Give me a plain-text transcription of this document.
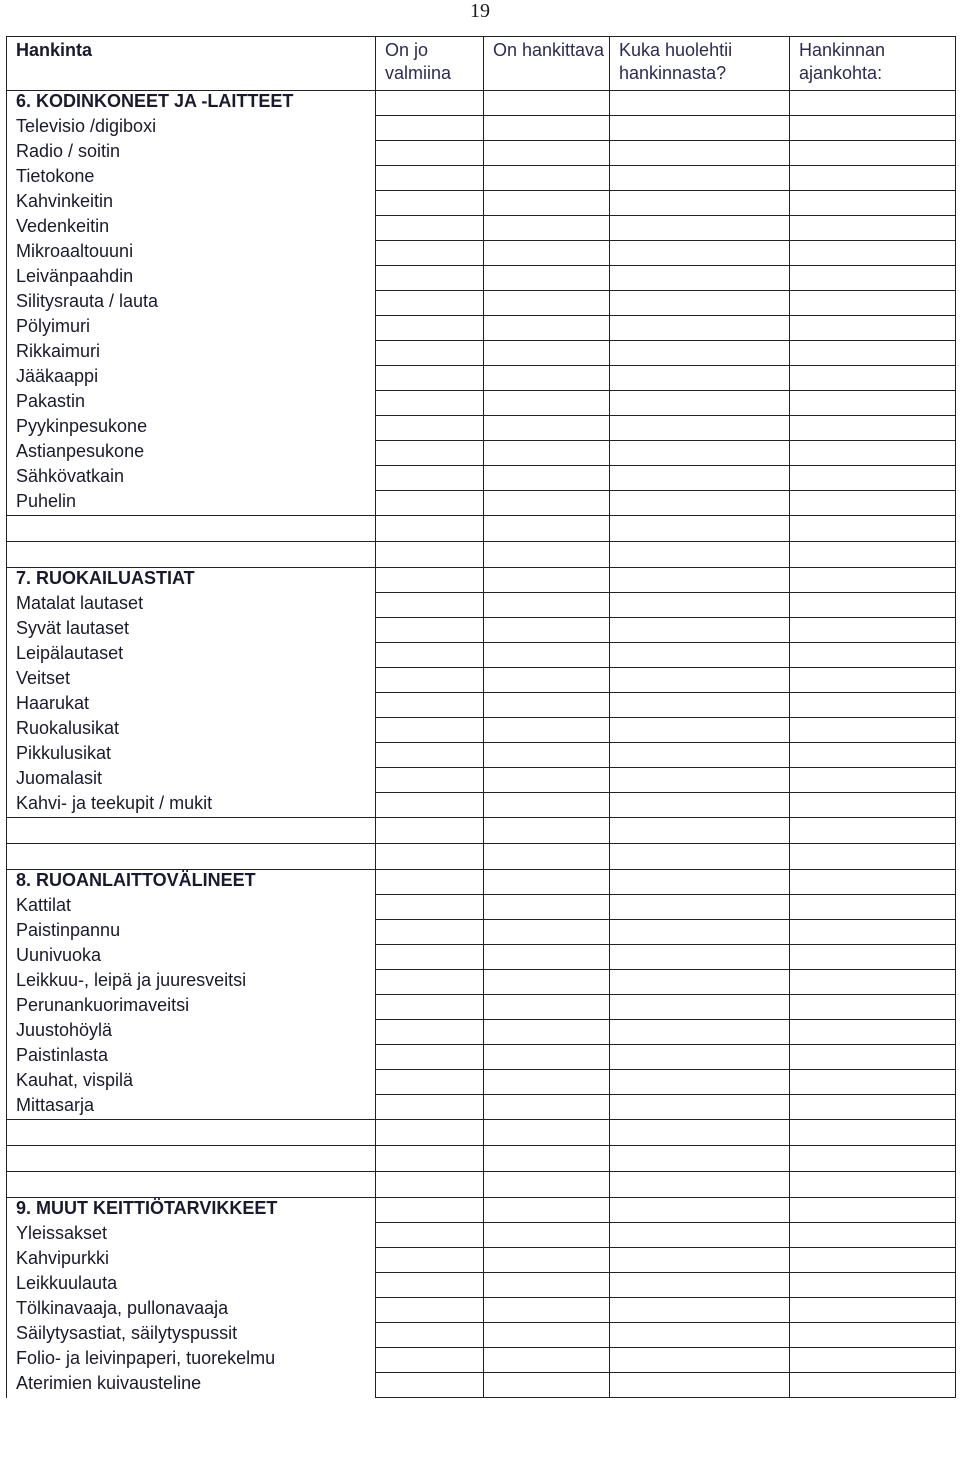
19
Hankinta	On jo valmiina	On hankittava	Kuka huolehtii hankinnasta?	Hankinnan ajankohta:
6. KODINKONEET JA -LAITTEET				
Televisio /digiboxi				
Radio / soitin				
Tietokone				
Kahvinkeitin				
Vedenkeitin				
Mikroaaltouuni				
Leivänpaahdin				
Silitysrauta / lauta				
Pölyimuri				
Rikkaimuri				
Jääkaappi				
Pakastin				
Pyykinpesukone				
Astianpesukone				
Sähkövatkain				
Puhelin				

7. RUOKAILUASTIAT				
Matalat lautaset				
Syvät lautaset				
Leipälautaset				
Veitset				
Haarukat				
Ruokalusikat				
Pikkulusikat				
Juomalasit				
Kahvi- ja teekupit / mukit				

8. RUOANLAITTOVÄLINEET				
Kattilat				
Paistinpannu				
Uunivuoka				
Leikkuu-, leipä ja juuresveitsi				
Perunankuorimaveitsi				
Juustohöylä				
Paistinlasta				
Kauhat, vispilä				
Mittasarja				

9. MUUT KEITTIÖTARVIKKEET				
Yleissakset				
Kahvipurkki				
Leikkuulauta				
Tölkinavaaja, pullonavaaja				
Säilytysastiat, säilytyspussit				
Folio- ja leivinpaperi, tuorekelmu				
Aterimien kuivausteline				
